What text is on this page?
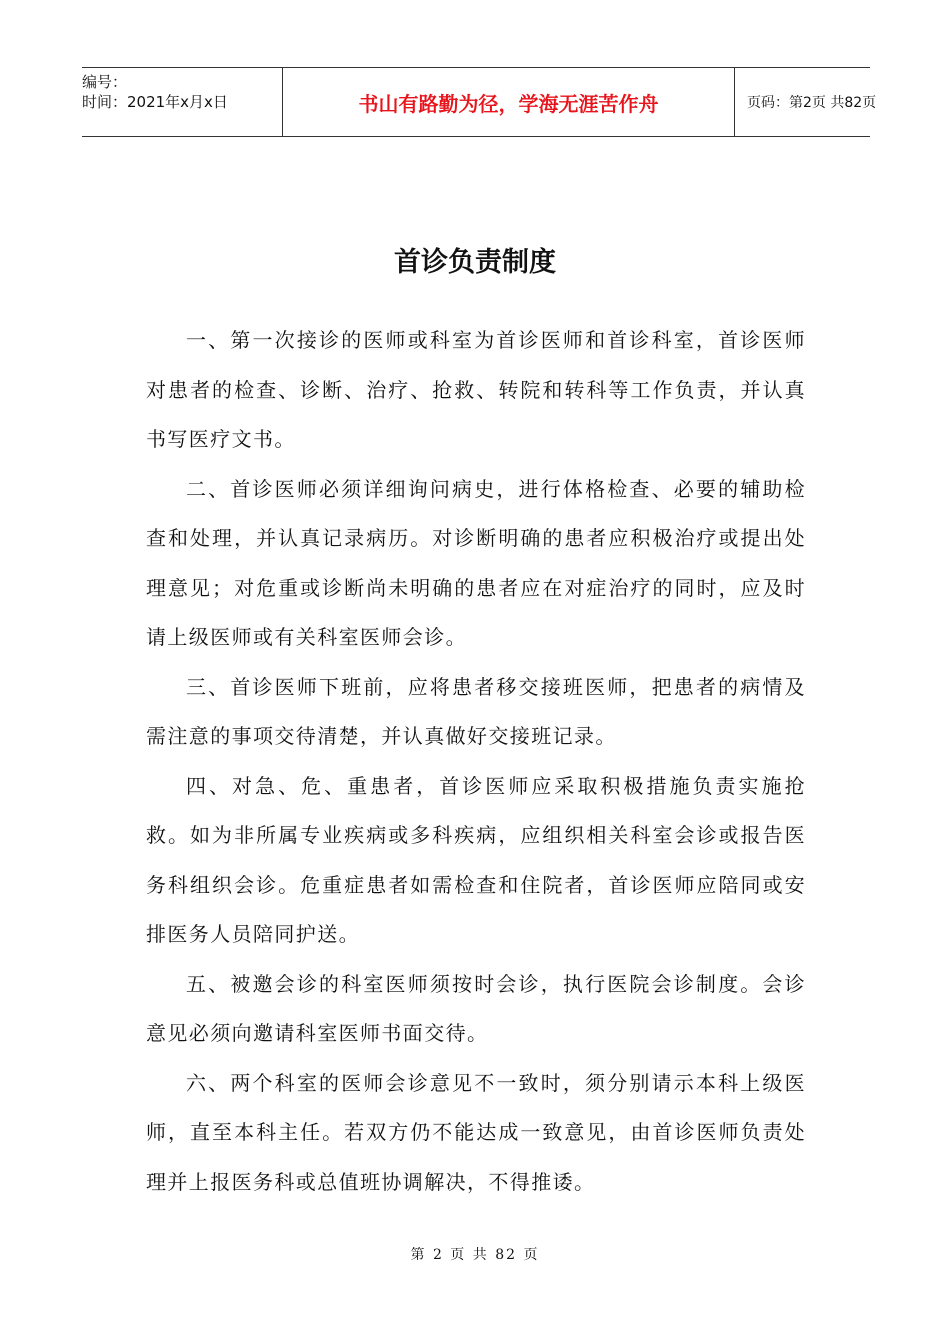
编号：
时间：2021年x月x日	书山有路勤为径，学海无涯苦作舟	页码：第2页 共82页
首诊负责制度

一、第一次接诊的医师或科室为首诊医师和首诊科室，首诊医师对患者的检查、诊断、治疗、抢救、转院和转科等工作负责，并认真书写医疗文书。

二、首诊医师必须详细询问病史，进行体格检查、必要的辅助检查和处理，并认真记录病历。对诊断明确的患者应积极治疗或提出处理意见；对危重或诊断尚未明确的患者应在对症治疗的同时，应及时请上级医师或有关科室医师会诊。

三、首诊医师下班前，应将患者移交接班医师，把患者的病情及需注意的事项交待清楚，并认真做好交接班记录。

四、对急、危、重患者，首诊医师应采取积极措施负责实施抢救。如为非所属专业疾病或多科疾病，应组织相关科室会诊或报告医务科组织会诊。危重症患者如需检查和住院者，首诊医师应陪同或安排医务人员陪同护送。

五、被邀会诊的科室医师须按时会诊，执行医院会诊制度。会诊意见必须向邀请科室医师书面交待。

六、两个科室的医师会诊意见不一致时，须分别请示本科上级医师，直至本科主任。若双方仍不能达成一致意见，由首诊医师负责处理并上报医务科或总值班协调解决，不得推诿。

第 2 页 共 82 页
